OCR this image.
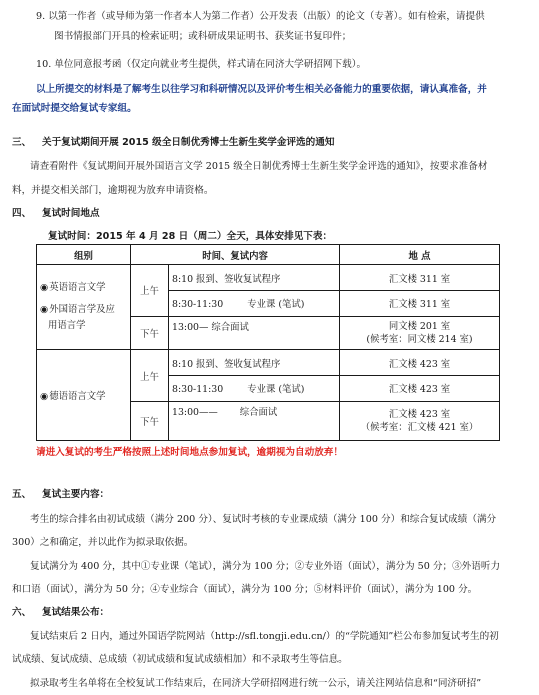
9. 以第一作者（或导师为第一作者本人为第二作者）公开发表（出版）的论文（专著）。如有检索，请提供
图书情报部门开具的检索证明；或科研成果证明书、获奖证书复印件；
10. 单位同意报考函（仅定向就业考生提供，样式请在同济大学研招网下载）。
以上所提交的材料是了解考生以往学习和科研情况以及评价考生相关必备能力的重要依据，请认真准备，并
在面试时提交给复试专家组。
三、 关于复试期间开展 2015 级全日制优秀博士生新生奖学金评选的通知
请查看附件《复试期间开展外国语言文学 2015 级全日制优秀博士生新生奖学金评选的通知》，按要求准备材
料，并提交相关部门，逾期视为放弃申请资格。
四、 复试时间地点
复试时间：2015 年 4 月 28 日（周二）全天，具体安排见下表：
组别	时间、复试内容		地 点

◉ 英语语言文学
◉ 外国语言学及应
用语言学	上午	8:10 报到、签收复试程序	汇文楼 311 室
		8:30-11:30 专业课 (笔试)	汇文楼 311 室
	下午	13:00— 综合面试	同文楼 201 室
(候考室：同文楼 214 室)

◉ 德语语言文学	上午	8:10 报到、签收复试程序	汇文楼 423 室
		8:30-11:30 专业课 (笔试)	汇文楼 423 室
	下午	13:00—— 综合面试	汇文楼 423 室
（候考室：汇文楼 421 室）
请进入复试的考生严格按照上述时间地点参加复试，逾期视为自动放弃！
五、 复试主要内容：
考生的综合排名由初试成绩（满分 200 分）、复试时考核的专业课成绩（满分 100 分）和综合复试成绩（满分
300）之和确定，并以此作为拟录取依据。
复试满分为 400 分，其中①专业课（笔试），满分为 100 分；②专业外语（面试），满分为 50 分；③外语听力
和口语（面试），满分为 50 分；④专业综合（面试），满分为 100 分；⑤材料评价（面试），满分为 100 分。
六、 复试结果公布：
复试结束后 2 日内，通过外国语学院网站（http://sfl.tongji.edu.cn/）的“学院通知”栏公布参加复试考生的初
试成绩、复试成绩、总成绩（初试成绩和复试成绩相加）和不录取考生等信息。
拟录取考生名单将在全校复试工作结束后，在同济大学研招网进行统一公示，请关注网站信息和“同济研招”
